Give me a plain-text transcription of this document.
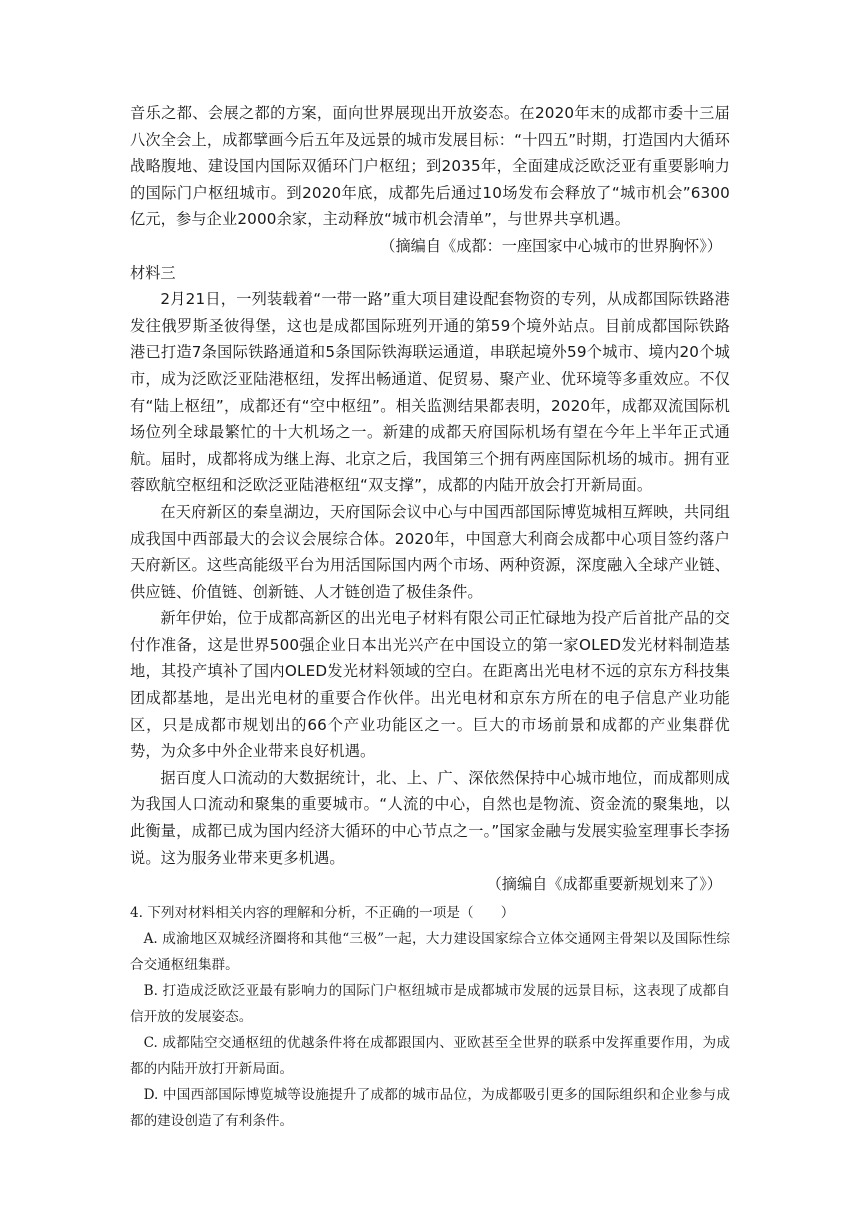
音乐之都、会展之都的方案，面向世界展现出开放姿态。在2020年末的成都市委十三届八次全会上，成都擘画今后五年及远景的城市发展目标：“十四五”时期，打造国内大循环战略腹地、建设国内国际双循环门户枢纽；到2035年，全面建成泛欧泛亚有重要影响力的国际门户枢纽城市。到2020年底，成都先后通过10场发布会释放了“城市机会”6300亿元，参与企业2000余家，主动释放“城市机会清单”，与世界共享机遇。

（摘编自《成都：一座国家中心城市的世界胸怀》）

材料三

2月21日，一列装载着“一带一路”重大项目建设配套物资的专列，从成都国际铁路港发往俄罗斯圣彼得堡，这也是成都国际班列开通的第59个境外站点。目前成都国际铁路港已打造7条国际铁路通道和5条国际铁海联运通道，串联起境外59个城市、境内20个城市，成为泛欧泛亚陆港枢纽，发挥出畅通道、促贸易、聚产业、优环境等多重效应。不仅有“陆上枢纽”，成都还有“空中枢纽”。相关监测结果都表明，2020年，成都双流国际机场位列全球最繁忙的十大机场之一。新建的成都天府国际机场有望在今年上半年正式通航。届时，成都将成为继上海、北京之后，我国第三个拥有两座国际机场的城市。拥有亚蓉欧航空枢纽和泛欧泛亚陆港枢纽“双支撑”，成都的内陆开放会打开新局面。

在天府新区的秦皇湖边，天府国际会议中心与中国西部国际博览城相互辉映，共同组成我国中西部最大的会议会展综合体。2020年，中国意大利商会成都中心项目签约落户天府新区。这些高能级平台为用活国际国内两个市场、两种资源，深度融入全球产业链、供应链、价值链、创新链、人才链创造了极佳条件。

新年伊始，位于成都高新区的出光电子材料有限公司正忙碌地为投产后首批产品的交付作准备，这是世界500强企业日本出光兴产在中国设立的第一家OLED发光材料制造基地，其投产填补了国内OLED发光材料领域的空白。在距离出光电材不远的京东方科技集团成都基地，是出光电材的重要合作伙伴。出光电材和京东方所在的电子信息产业功能区，只是成都市规划出的66个产业功能区之一。巨大的市场前景和成都的产业集群优势，为众多中外企业带来良好机遇。

据百度人口流动的大数据统计，北、上、广、深依然保持中心城市地位，而成都则成为我国人口流动和聚集的重要城市。“人流的中心，自然也是物流、资金流的聚集地，以此衡量，成都已成为国内经济大循环的中心节点之一。”国家金融与发展实验室理事长李扬说。这为服务业带来更多机遇。

（摘编自《成都重要新规划来了》）

4. 下列对材料相关内容的理解和分析，不正确的一项是（　　）

A. 成渝地区双城经济圈将和其他“三极”一起，大力建设国家综合立体交通网主骨架以及国际性综合交通枢纽集群。

B. 打造成泛欧泛亚最有影响力的国际门户枢纽城市是成都城市发展的远景目标，这表现了成都自信开放的发展姿态。

C. 成都陆空交通枢纽的优越条件将在成都跟国内、亚欧甚至全世界的联系中发挥重要作用，为成都的内陆开放打开新局面。

D. 中国西部国际博览城等设施提升了成都的城市品位，为成都吸引更多的国际组织和企业参与成都的建设创造了有利条件。
